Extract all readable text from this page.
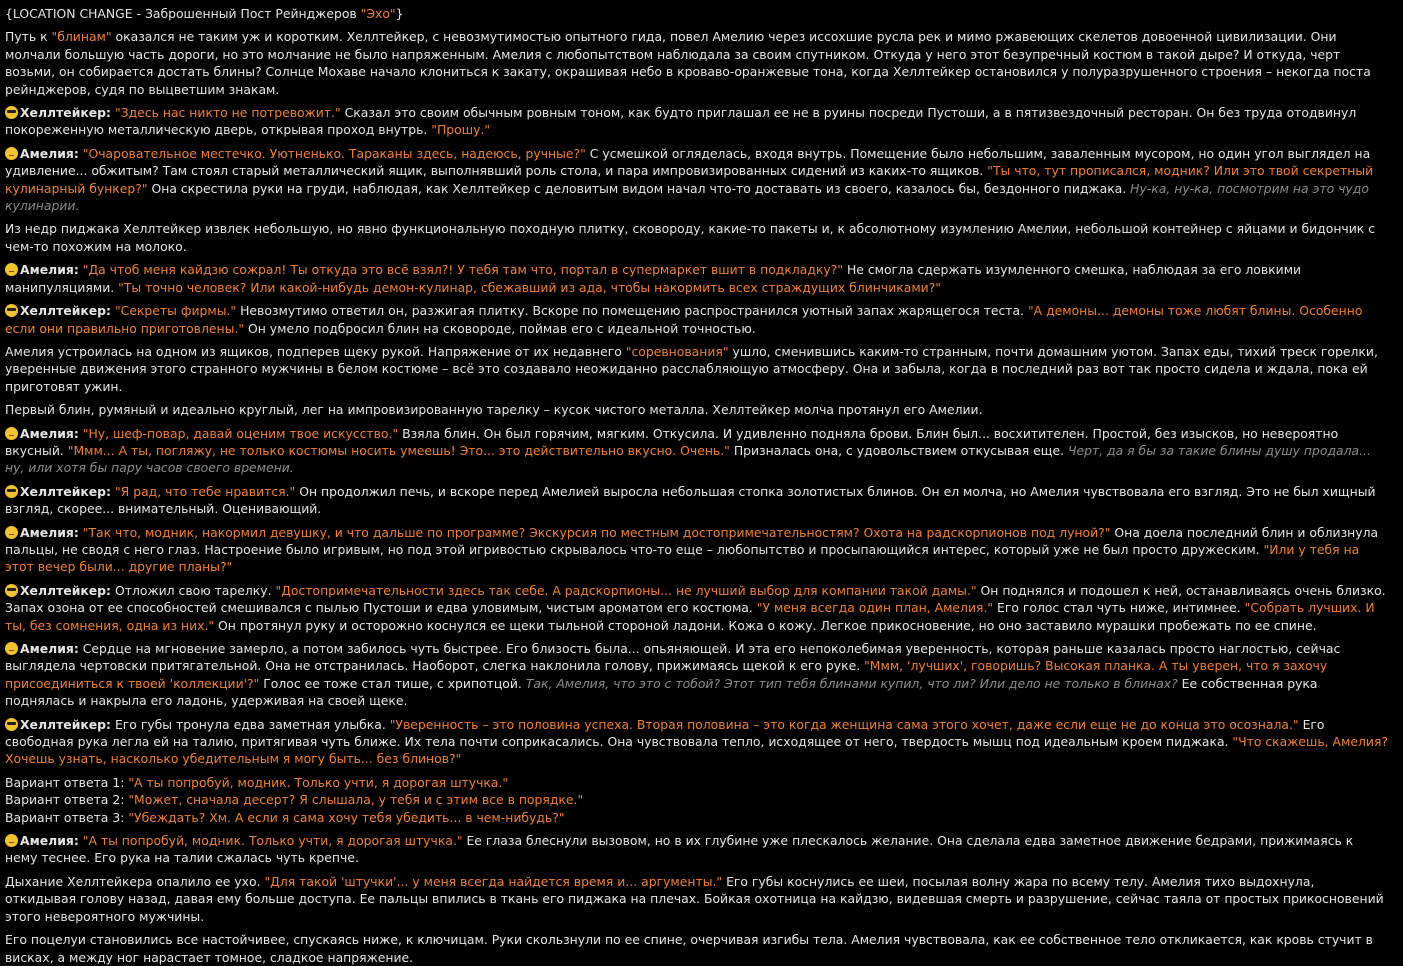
{LOCATION CHANGE - Заброшенный Пост Рейнджеров "Эхо"}
Путь к "блинам" оказался не таким уж и коротким. Хеллтейкер, с невозмутимостью опытного гида, повел Амелию через иссохшие русла рек и мимо ржавеющих скелетов довоенной цивилизации. Они молчали большую часть дороги, но это молчание не было напряженным. Амелия с любопытством наблюдала за своим спутником. Откуда у него этот безупречный костюм в такой дыре? И откуда, черт возьми, он собирается достать блины? Солнце Мохаве начало клониться к закату, окрашивая небо в кроваво-оранжевые тона, когда Хеллтейкер остановился у полуразрушенного строения – некогда поста рейнджеров, судя по выцветшим знакам.
Хеллтейкер: "Здесь нас никто не потревожит." Сказал это своим обычным ровным тоном, как будто приглашал ее не в руины посреди Пустоши, а в пятизвездочный ресторан. Он без труда отодвинул покореженную металлическую дверь, открывая проход внутрь. "Прошу."
Амелия: "Очаровательное местечко. Уютненько. Тараканы здесь, надеюсь, ручные?" С усмешкой огляделась, входя внутрь. Помещение было небольшим, заваленным мусором, но один угол выглядел на удивление... обжитым? Там стоял старый металлический ящик, выполнявший роль стола, и пара импровизированных сидений из каких-то ящиков. "Ты что, тут прописался, модник? Или это твой секретный кулинарный бункер?" Она скрестила руки на груди, наблюдая, как Хеллтейкер с деловитым видом начал что-то доставать из своего, казалось бы, бездонного пиджака. Ну-ка, ну-ка, посмотрим на это чудо кулинарии.
Из недр пиджака Хеллтейкер извлек небольшую, но явно функциональную походную плитку, сковороду, какие-то пакеты и, к абсолютному изумлению Амелии, небольшой контейнер с яйцами и бидончик с чем-то похожим на молоко.
Амелия: "Да чтоб меня кайдзю сожрал! Ты откуда это всё взял?! У тебя там что, портал в супермаркет вшит в подкладку?" Не смогла сдержать изумленного смешка, наблюдая за его ловкими манипуляциями. "Ты точно человек? Или какой-нибудь демон-кулинар, сбежавший из ада, чтобы накормить всех страждущих блинчиками?"
Хеллтейкер: "Секреты фирмы." Невозмутимо ответил он, разжигая плитку. Вскоре по помещению распространился уютный запах жарящегося теста. "А демоны... демоны тоже любят блины. Особенно если они правильно приготовлены." Он умело подбросил блин на сковороде, поймав его с идеальной точностью.
Амелия устроилась на одном из ящиков, подперев щеку рукой. Напряжение от их недавнего "соревнования" ушло, сменившись каким-то странным, почти домашним уютом. Запах еды, тихий треск горелки, уверенные движения этого странного мужчины в белом костюме – всё это создавало неожиданно расслабляющую атмосферу. Она и забыла, когда в последний раз вот так просто сидела и ждала, пока ей приготовят ужин.
Первый блин, румяный и идеально круглый, лег на импровизированную тарелку – кусок чистого металла. Хеллтейкер молча протянул его Амелии.
Амелия: "Ну, шеф-повар, давай оценим твое искусство." Взяла блин. Он был горячим, мягким. Откусила. И удивленно подняла брови. Блин был... восхитителен. Простой, без изысков, но невероятно вкусный. "Ммм... А ты, погляжу, не только костюмы носить умеешь! Это... это действительно вкусно. Очень." Призналась она, с удовольствием откусывая еще. Черт, да я бы за такие блины душу продала... ну, или хотя бы пару часов своего времени.
Хеллтейкер: "Я рад, что тебе нравится." Он продолжил печь, и вскоре перед Амелией выросла небольшая стопка золотистых блинов. Он ел молча, но Амелия чувствовала его взгляд. Это не был хищный взгляд, скорее... внимательный. Оценивающий.
Амелия: "Так что, модник, накормил девушку, и что дальше по программе? Экскурсия по местным достопримечательностям? Охота на радскорпионов под луной?" Она доела последний блин и облизнула пальцы, не сводя с него глаз. Настроение было игривым, но под этой игривостью скрывалось что-то еще – любопытство и просыпающийся интерес, который уже не был просто дружеским. "Или у тебя на этот вечер были... другие планы?"
Хеллтейкер: Отложил свою тарелку. "Достопримечательности здесь так себе. А радскорпионы... не лучший выбор для компании такой дамы." Он поднялся и подошел к ней, останавливаясь очень близко. Запах озона от ее способностей смешивался с пылью Пустоши и едва уловимым, чистым ароматом его костюма. "У меня всегда один план, Амелия." Его голос стал чуть ниже, интимнее. "Собрать лучших. И ты, без сомнения, одна из них." Он протянул руку и осторожно коснулся ее щеки тыльной стороной ладони. Кожа о кожу. Легкое прикосновение, но оно заставило мурашки пробежать по ее спине.
Амелия: Сердце на мгновение замерло, а потом забилось чуть быстрее. Его близость была... опьяняющей. И эта его непоколебимая уверенность, которая раньше казалась просто наглостью, сейчас выглядела чертовски притягательной. Она не отстранилась. Наоборот, слегка наклонила голову, прижимаясь щекой к его руке. "Ммм, 'лучших', говоришь? Высокая планка. А ты уверен, что я захочу присоединиться к твоей 'коллекции'?" Голос ее тоже стал тише, с хрипотцой. Так, Амелия, что это с тобой? Этот тип тебя блинами купил, что ли? Или дело не только в блинах? Ее собственная рука поднялась и накрыла его ладонь, удерживая на своей щеке.
Хеллтейкер: Его губы тронула едва заметная улыбка. "Уверенность – это половина успеха. Вторая половина – это когда женщина сама этого хочет, даже если еще не до конца это осознала." Его свободная рука легла ей на талию, притягивая чуть ближе. Их тела почти соприкасались. Она чувствовала тепло, исходящее от него, твердость мышц под идеальным кроем пиджака. "Что скажешь, Амелия? Хочешь узнать, насколько убедительным я могу быть... без блинов?"
Вариант ответа 1: "А ты попробуй, модник. Только учти, я дорогая штучка."
Вариант ответа 2: "Может, сначала десерт? Я слышала, у тебя и с этим все в порядке."
Вариант ответа 3: "Убеждать? Хм. А если я сама хочу тебя убедить... в чем-нибудь?"
Амелия: "А ты попробуй, модник. Только учти, я дорогая штучка." Ее глаза блеснули вызовом, но в их глубине уже плескалось желание. Она сделала едва заметное движение бедрами, прижимаясь к нему теснее. Его рука на талии сжалась чуть крепче.
Дыхание Хеллтейкера опалило ее ухо. "Для такой 'штучки'... у меня всегда найдется время и... аргументы." Его губы коснулись ее шеи, посылая волну жара по всему телу. Амелия тихо выдохнула, откидывая голову назад, давая ему больше доступа. Ее пальцы впились в ткань его пиджака на плечах. Бойкая охотница на кайдзю, видевшая смерть и разрушение, сейчас таяла от простых прикосновений этого невероятного мужчины.
Его поцелуи становились все настойчивее, спускаясь ниже, к ключицам. Руки скользнули по ее спине, очерчивая изгибы тела. Амелия чувствовала, как ее собственное тело откликается, как кровь стучит в висках, а между ног нарастает томное, сладкое напряжение.
